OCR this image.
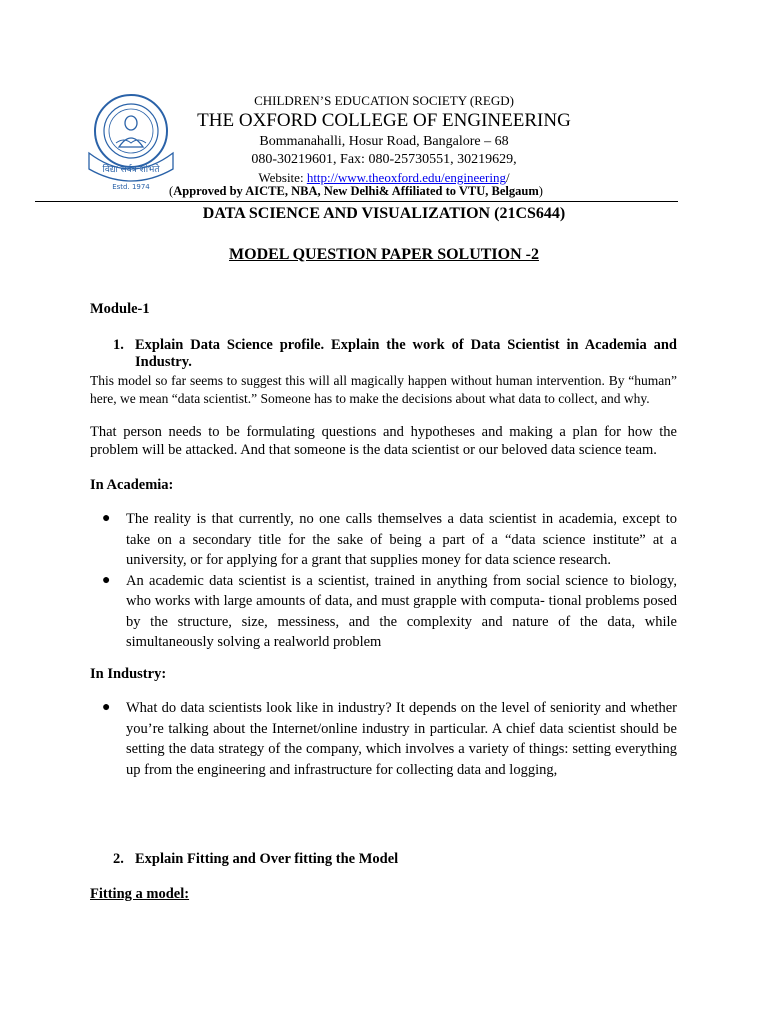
विद्या सर्वत्र शोभते
Estd. 1974
CHILDREN’S EDUCATION SOCIETY (REGD)
THE OXFORD COLLEGE OF ENGINEERING
Bommanahalli, Hosur Road, Bangalore – 68
080-30219601, Fax: 080-25730551, 30219629,
Website: http://www.theoxford.edu/engineering/
(Approved by AICTE, NBA, New Delhi& Affiliated to VTU, Belgaum)
DATA SCIENCE AND VISUALIZATION (21CS644)
MODEL QUESTION PAPER SOLUTION -2
Module-1
1. Explain Data Science profile. Explain the work of Data Scientist in Academia and Industry.
This model so far seems to suggest this will all magically happen without human intervention. By “human” here, we mean “data scientist.” Someone has to make the decisions about what data to collect, and why.
That person needs to be formulating questions and hypotheses and making a plan for how the problem will be attacked. And that someone is the data scientist or our beloved data science team.
In Academia:
● The reality is that currently, no one calls themselves a data scientist in academia, except to take on a secondary title for the sake of being a part of a “data science institute” at a university, or for applying for a grant that supplies money for data science research.
● An academic data scientist is a scientist, trained in anything from social science to biology, who works with large amounts of data, and must grapple with computa- tional problems posed by the structure, size, messiness, and the complexity and nature of the data, while simultaneously solving a realworld problem
In Industry:
● What do data scientists look like in industry? It depends on the level of seniority and whether you’re talking about the Internet/online industry in particular. A chief data scientist should be setting the data strategy of the company, which involves a variety of things: setting everything up from the engineering and infrastructure for collecting data and logging,
2. Explain Fitting and Over fitting the Model
Fitting a model:
